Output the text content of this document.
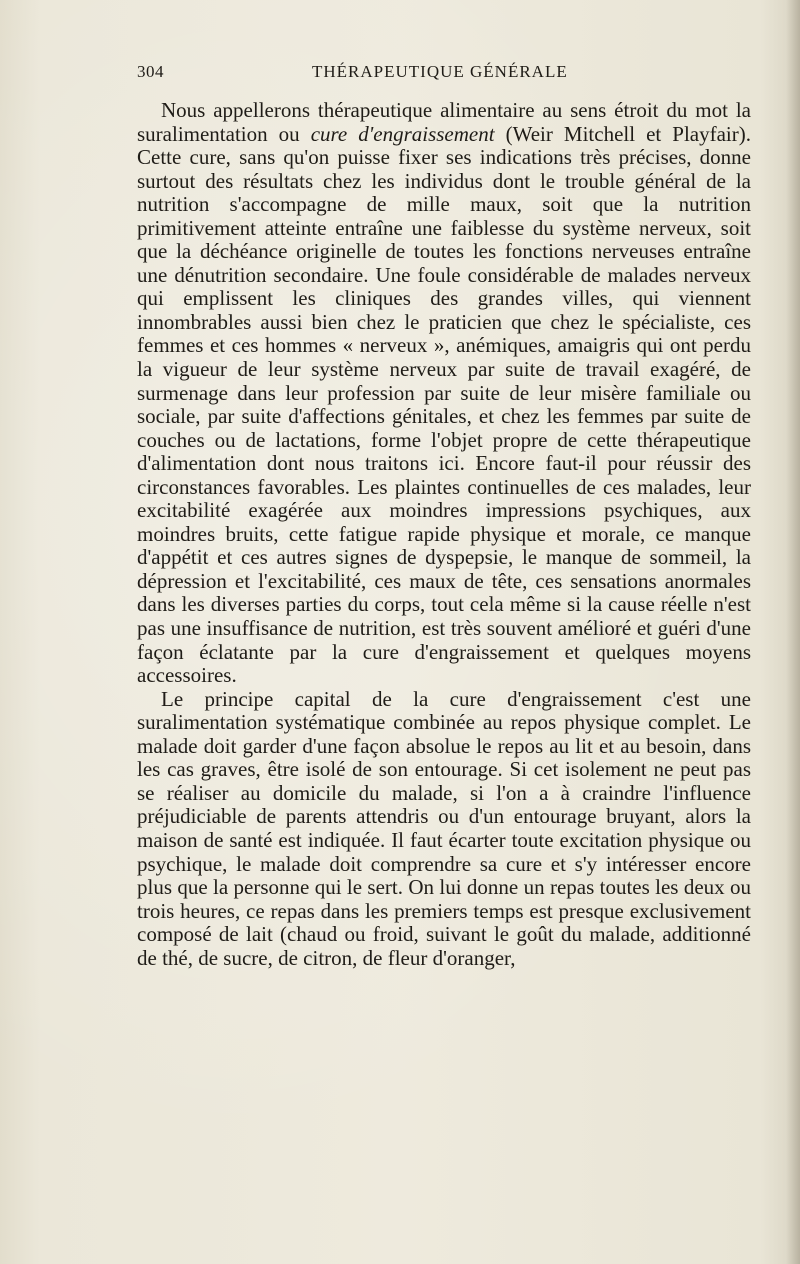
304	THÉRAPEUTIQUE GÉNÉRALE

Nous appellerons thérapeutique alimentaire au sens étroit du mot la suralimentation ou cure d'engraissement (Weir Mitchell et Playfair). Cette cure, sans qu'on puisse fixer ses indications très précises, donne surtout des résultats chez les individus dont le trouble général de la nutrition s'accompagne de mille maux, soit que la nutrition primitivement atteinte entraîne une faiblesse du système nerveux, soit que la déchéance originelle de toutes les fonctions nerveuses entraîne une dénutrition secondaire. Une foule considérable de malades nerveux qui emplissent les cliniques des grandes villes, qui viennent innombrables aussi bien chez le praticien que chez le spécialiste, ces femmes et ces hommes « nerveux », anémiques, amaigris qui ont perdu la vigueur de leur système nerveux par suite de travail exagéré, de surmenage dans leur profession par suite de leur misère familiale ou sociale, par suite d'affections génitales, et chez les femmes par suite de couches ou de lactations, forme l'objet propre de cette thérapeutique d'alimentation dont nous traitons ici. Encore faut-il pour réussir des circonstances favorables. Les plaintes continuelles de ces malades, leur excitabilité exagérée aux moindres impressions psychiques, aux moindres bruits, cette fatigue rapide physique et morale, ce manque d'appétit et ces autres signes de dyspepsie, le manque de sommeil, la dépression et l'excitabilité, ces maux de tête, ces sensations anormales dans les diverses parties du corps, tout cela même si la cause réelle n'est pas une insuffisance de nutrition, est très souvent amélioré et guéri d'une façon éclatante par la cure d'engraissement et quelques moyens accessoires.

Le principe capital de la cure d'engraissement c'est une suralimentation systématique combinée au repos physique complet. Le malade doit garder d'une façon absolue le repos au lit et au besoin, dans les cas graves, être isolé de son entourage. Si cet isolement ne peut pas se réaliser au domicile du malade, si l'on a à craindre l'influence préjudiciable de parents attendris ou d'un entourage bruyant, alors la maison de santé est indiquée. Il faut écarter toute excitation physique ou psychique, le malade doit comprendre sa cure et s'y intéresser encore plus que la personne qui le sert. On lui donne un repas toutes les deux ou trois heures, ce repas dans les premiers temps est presque exclusivement composé de lait (chaud ou froid, suivant le goût du malade, additionné de thé, de sucre, de citron, de fleur d'oranger,
